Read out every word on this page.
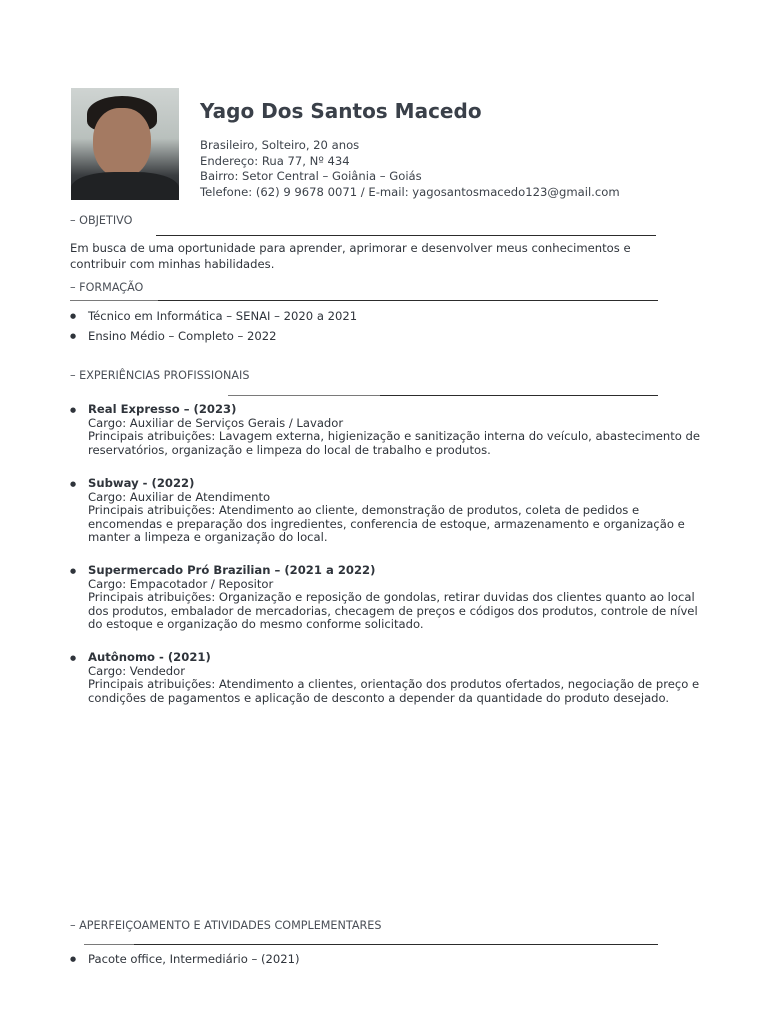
Yago Dos Santos Macedo
Brasileiro, Solteiro, 20 anos
Endereço: Rua 77, Nº 434
Bairro: Setor Central – Goiânia – Goiás
Telefone: (62) 9 9678 0071 / E-mail: yagosantosmacedo123@gmail.com
– OBJETIVO
Em busca de uma oportunidade para aprender, aprimorar e desenvolver meus conhecimentos e contribuir com minhas habilidades.
– FORMAÇÃO
● Técnico em Informática – SENAI – 2020 a 2021
● Ensino Médio – Completo – 2022
– EXPERIÊNCIAS PROFISSIONAIS
● Real Expresso – (2023)
Cargo: Auxiliar de Serviços Gerais / Lavador
Principais atribuições: Lavagem externa, higienização e sanitização interna do veículo, abastecimento de reservatórios, organização e limpeza do local de trabalho e produtos.
● Subway - (2022)
Cargo: Auxiliar de Atendimento
Principais atribuições: Atendimento ao cliente, demonstração de produtos, coleta de pedidos e encomendas e preparação dos ingredientes, conferencia de estoque, armazenamento e organização e manter a limpeza e organização do local.
● Supermercado Pró Brazilian – (2021 a 2022)
Cargo: Empacotador / Repositor
Principais atribuições: Organização e reposição de gondolas, retirar duvidas dos clientes quanto ao local dos produtos, embalador de mercadorias, checagem de preços e códigos dos produtos, controle de nível do estoque e organização do mesmo conforme solicitado.
● Autônomo - (2021)
Cargo: Vendedor
Principais atribuições: Atendimento a clientes, orientação dos produtos ofertados, negociação de preço e condições de pagamentos e aplicação de desconto a depender da quantidade do produto desejado.
– APERFEIÇOAMENTO E ATIVIDADES COMPLEMENTARES
● Pacote office, Intermediário – (2021)
